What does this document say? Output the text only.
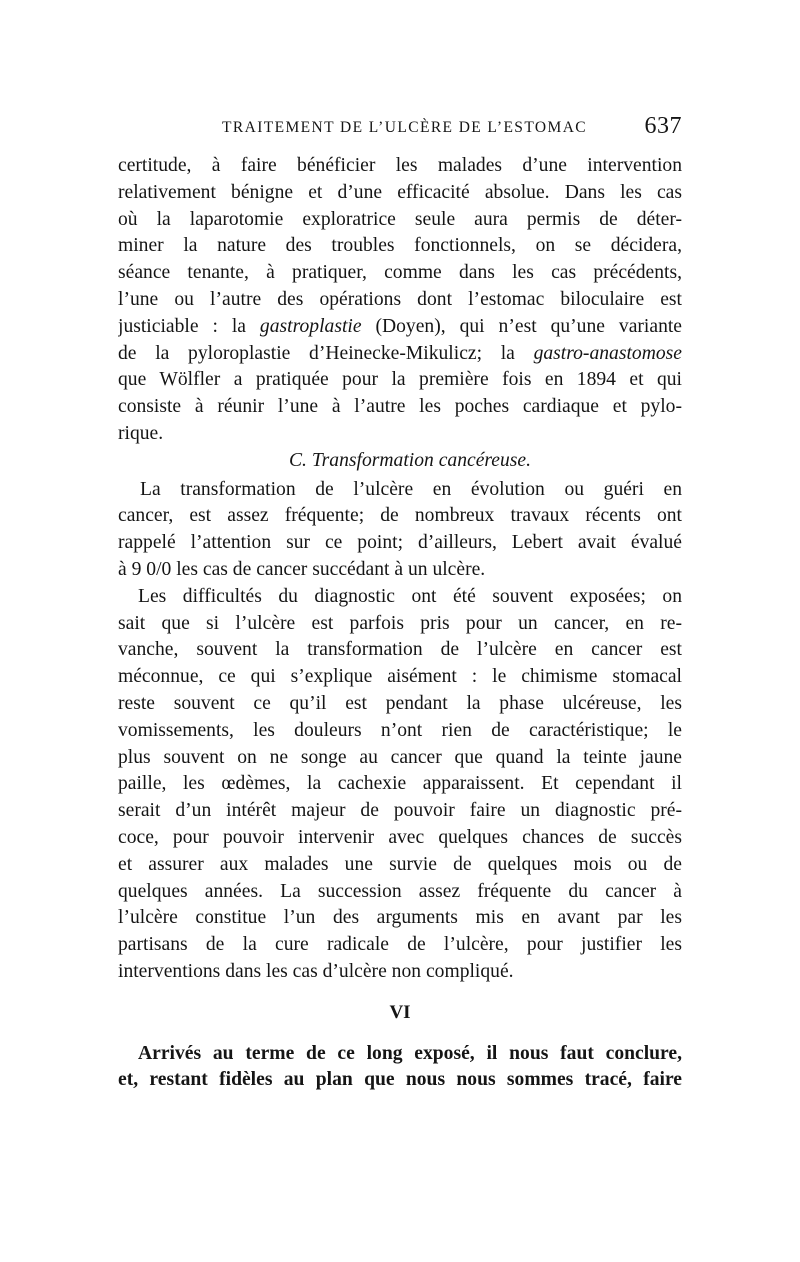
TRAITEMENT DE L’ULCÈRE DE L’ESTOMAC 637
certitude, à faire bénéficier les malades d’une intervention
relativement bénigne et d’une efficacité absolue. Dans les cas
où la laparotomie exploratrice seule aura permis de déter-
miner la nature des troubles fonctionnels, on se décidera,
séance tenante, à pratiquer, comme dans les cas précédents,
l’une ou l’autre des opérations dont l’estomac biloculaire est
justiciable : la gastroplastie (Doyen), qui n’est qu’une variante
de la pyloroplastie d’Heinecke-Mikulicz; la gastro-anastomose
que Wölfler a pratiquée pour la première fois en 1894 et qui
consiste à réunir l’une à l’autre les poches cardiaque et pylo-
rique.
C. Transformation cancéreuse.
La transformation de l’ulcère en évolution ou guéri en
cancer, est assez fréquente; de nombreux travaux récents ont
rappelé l’attention sur ce point; d’ailleurs, Lebert avait évalué
à 9 0/0 les cas de cancer succédant à un ulcère.
Les difficultés du diagnostic ont été souvent exposées; on
sait que si l’ulcère est parfois pris pour un cancer, en re-
vanche, souvent la transformation de l’ulcère en cancer est
méconnue, ce qui s’explique aisément : le chimisme stomacal
reste souvent ce qu’il est pendant la phase ulcéreuse, les
vomissements, les douleurs n’ont rien de caractéristique; le
plus souvent on ne songe au cancer que quand la teinte jaune
paille, les œdèmes, la cachexie apparaissent. Et cependant il
serait d’un intérêt majeur de pouvoir faire un diagnostic pré-
coce, pour pouvoir intervenir avec quelques chances de succès
et assurer aux malades une survie de quelques mois ou de
quelques années. La succession assez fréquente du cancer à
l’ulcère constitue l’un des arguments mis en avant par les
partisans de la cure radicale de l’ulcère, pour justifier les
interventions dans les cas d’ulcère non compliqué.
VI
Arrivés au terme de ce long exposé, il nous faut conclure,
et, restant fidèles au plan que nous nous sommes tracé, faire
